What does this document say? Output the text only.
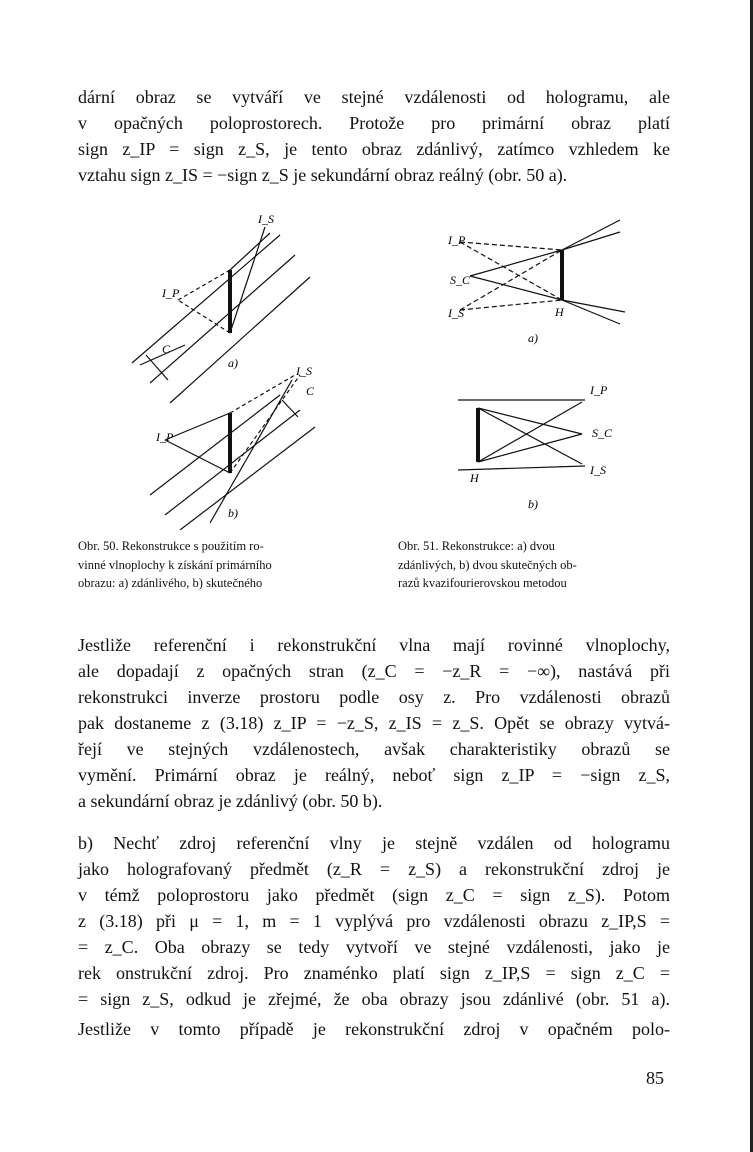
dární obraz se vytváří ve stejné vzdálenosti od hologramu, ale
v opačných poloprostorech. Protože pro primární obraz platí
sign z_IP = sign z_S, je tento obraz zdánlivý, zatímco vzhledem ke
vztahu sign z_IS = −sign z_S je sekundární obraz reálný (obr. 50 a).
I_S
I_P
C
a)
I_S
C
I_P
b)
I_P
S_C
I_S	H
a)
I_P
S_C
I_S
H
b)
Obr. 50. Rekonstrukce s použitím ro-
vinné vlnoplochy k získání primárního
obrazu: a) zdánlivého, b) skutečného
Obr. 51. Rekonstrukce: a) dvou
zdánlivých, b) dvou skutečných ob-
razů kvazifourierovskou metodou
Jestliže referenční i rekonstrukční vlna mají rovinné vlnoplochy,
ale dopadají z opačných stran (z_C = −z_R = −∞), nastává při
rekonstrukci inverze prostoru podle osy z. Pro vzdálenosti obrazů
pak dostaneme z (3.18) z_IP = −z_S, z_IS = z_S. Opět se obrazy vytvá-
řejí ve stejných vzdálenostech, avšak charakteristiky obrazů se
vymění. Primární obraz je reálný, neboť sign z_IP = −sign z_S,
a sekundární obraz je zdánlivý (obr. 50 b).
b) Nechť zdroj referenční vlny je stejně vzdálen od hologramu
jako holografovaný předmět (z_R = z_S) a rekonstrukční zdroj je
v témž poloprostoru jako předmět (sign z_C = sign z_S). Potom
z (3.18) při μ = 1, m = 1 vyplývá pro vzdálenosti obrazu z_IP,S =
= z_C. Oba obrazy se tedy vytvoří ve stejné vzdálenosti, jako je
rek onstrukční zdroj. Pro znaménko platí sign z_IP,S = sign z_C =
= sign z_S, odkud je zřejmé, že oba obrazy jsou zdánlivé (obr. 51 a).
Jestliže v tomto případě je rekonstrukční zdroj v opačném polo-
85
